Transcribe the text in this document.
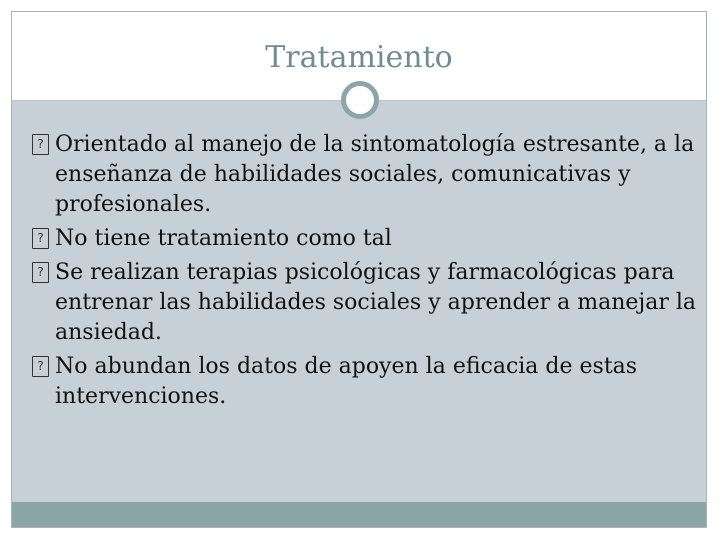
Tratamiento
? Orientado al manejo de la sintomatología estresante, a la enseñanza de habilidades sociales, comunicativas y profesionales.
? No tiene tratamiento como tal
? Se realizan terapias psicológicas y farmacológicas para entrenar las habilidades sociales y aprender a manejar la ansiedad.
? No abundan los datos de apoyen la eficacia de estas intervenciones.
